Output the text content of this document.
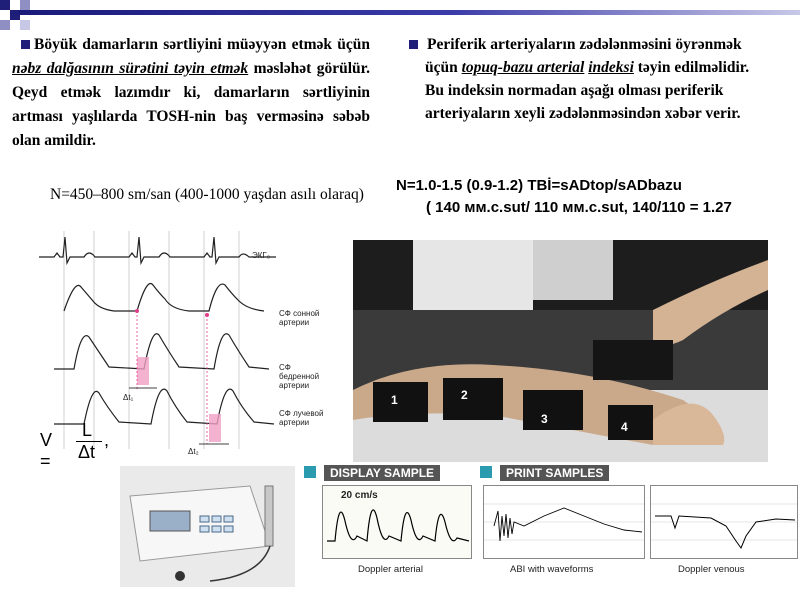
Böyük damarların sərtliyini müəyyən etmək üçün nəbz dalğasının sürətini təyin etmək məsləhət görülür. Qeyd etmək lazımdır ki, damarların sərtliyinin artması yaşlılarda TOSH-nin baş verməsinə səbəb olan amildir.
N=450–800 sm/san (400-1000 yaşdan asılı olaraq)
Periferik arteriyaların zədələnməsini öyrənmək üçün topuq-bazu arterial indeksi təyin edilməlidir. Bu indeksin normadan aşağı olması periferik arteriyaların xeyli zədələnməsindən xəbər verir.
N=1.0-1.5 (0.9-1.2) TBİ=sADtop/sADbazu
( 140 мм.с.sut/ 110 мм.с.sut, 140/110 = 1.27
ЭКГ₀
СФ сонной артерии
СФ бедренной артерии
СФ лучевой артерии
Δt₁
Δt₂
V =
L
Δt
,
1	2
3
4
DISPLAY SAMPLE	PRINT SAMPLES
20 cm/s
Doppler arterial	ABI with waveforms	Doppler venous
